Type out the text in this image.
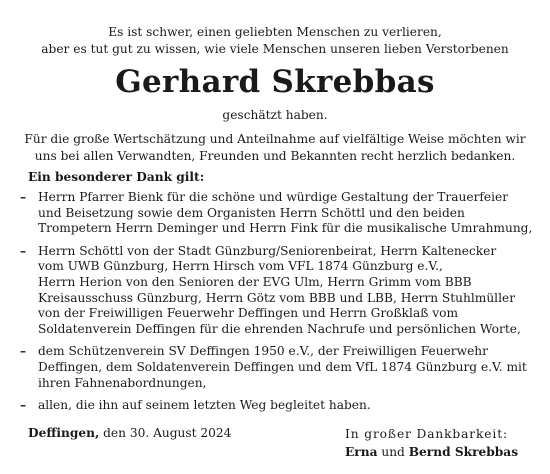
Es ist schwer, einen geliebten Menschen zu verlieren,
aber es tut gut zu wissen, wie viele Menschen unseren lieben Verstorbenen
Gerhard Skrebbas
geschätzt haben.
Für die große Wertschätzung und Anteilnahme auf vielfältige Weise möchten wir
uns bei allen Verwandten, Freunden und Bekannten recht herzlich bedanken.
Ein besonderer Dank gilt:
– Herrn Pfarrer Bienk für die schöne und würdige Gestaltung der Trauerfeier
und Beisetzung sowie dem Organisten Herrn Schöttl und den beiden
Trompetern Herrn Deminger und Herrn Fink für die musikalische Umrahmung,
– Herrn Schöttl von der Stadt Günzburg/Seniorenbeirat, Herrn Kaltenecker
vom UWB Günzburg, Herrn Hirsch vom VFL 1874 Günzburg e.V.,
Herrn Herion von den Senioren der EVG Ulm, Herrn Grimm vom BBB
Kreisausschuss Günzburg, Herrn Götz vom BBB und LBB, Herrn Stuhlmüller
von der Freiwilligen Feuerwehr Deffingen und Herrn Großklaß vom
Soldatenverein Deffingen für die ehrenden Nachrufe und persönlichen Worte,
– dem Schützenverein SV Deffingen 1950 e.V., der Freiwilligen Feuerwehr
Deffingen, dem Soldatenverein Deffingen und dem VfL 1874 Günzburg e.V. mit
ihren Fahnenabordnungen,
– allen, die ihn auf seinem letzten Weg begleitet haben.
Deffingen, den 30. August 2024	In großer Dankbarkeit:
Erna und Bernd Skrebbas
